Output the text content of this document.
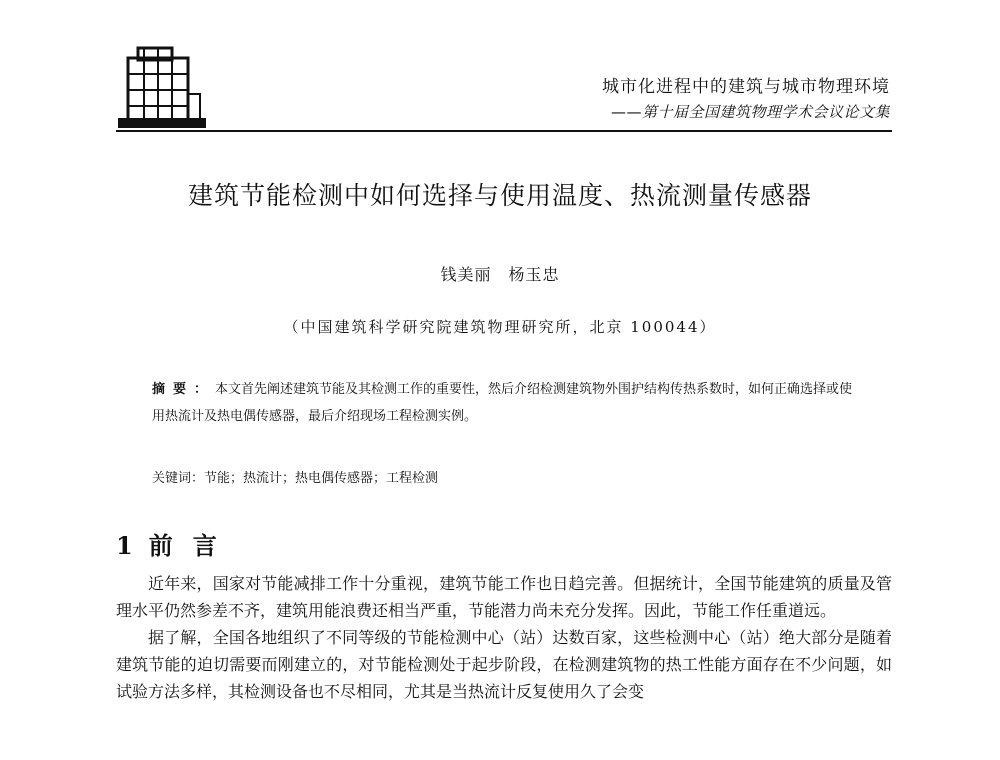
城市化进程中的建筑与城市物理环境
——第十届全国建筑物理学术会议论文集
建筑节能检测中如何选择与使用温度、热流测量传感器
钱美丽　杨玉忠
（中国建筑科学研究院建筑物理研究所，北京 100044）
摘要：本文首先阐述建筑节能及其检测工作的重要性，然后介绍检测建筑物外围护结构传热系数时，如何正确选择或使用热流计及热电偶传感器，最后介绍现场工程检测实例。
关键词：节能；热流计；热电偶传感器；工程检测
1 前言

近年来，国家对节能减排工作十分重视，建筑节能工作也日趋完善。但据统计，全国节能建筑的质量及管理水平仍然参差不齐，建筑用能浪费还相当严重，节能潜力尚未充分发挥。因此，节能工作任重道远。

据了解，全国各地组织了不同等级的节能检测中心（站）达数百家，这些检测中心（站）绝大部分是随着建筑节能的迫切需要而刚建立的，对节能检测处于起步阶段，在检测建筑物的热工性能方面存在不少问题，如试验方法多样，其检测设备也不尽相同，尤其是当热流计反复使用久了会变
